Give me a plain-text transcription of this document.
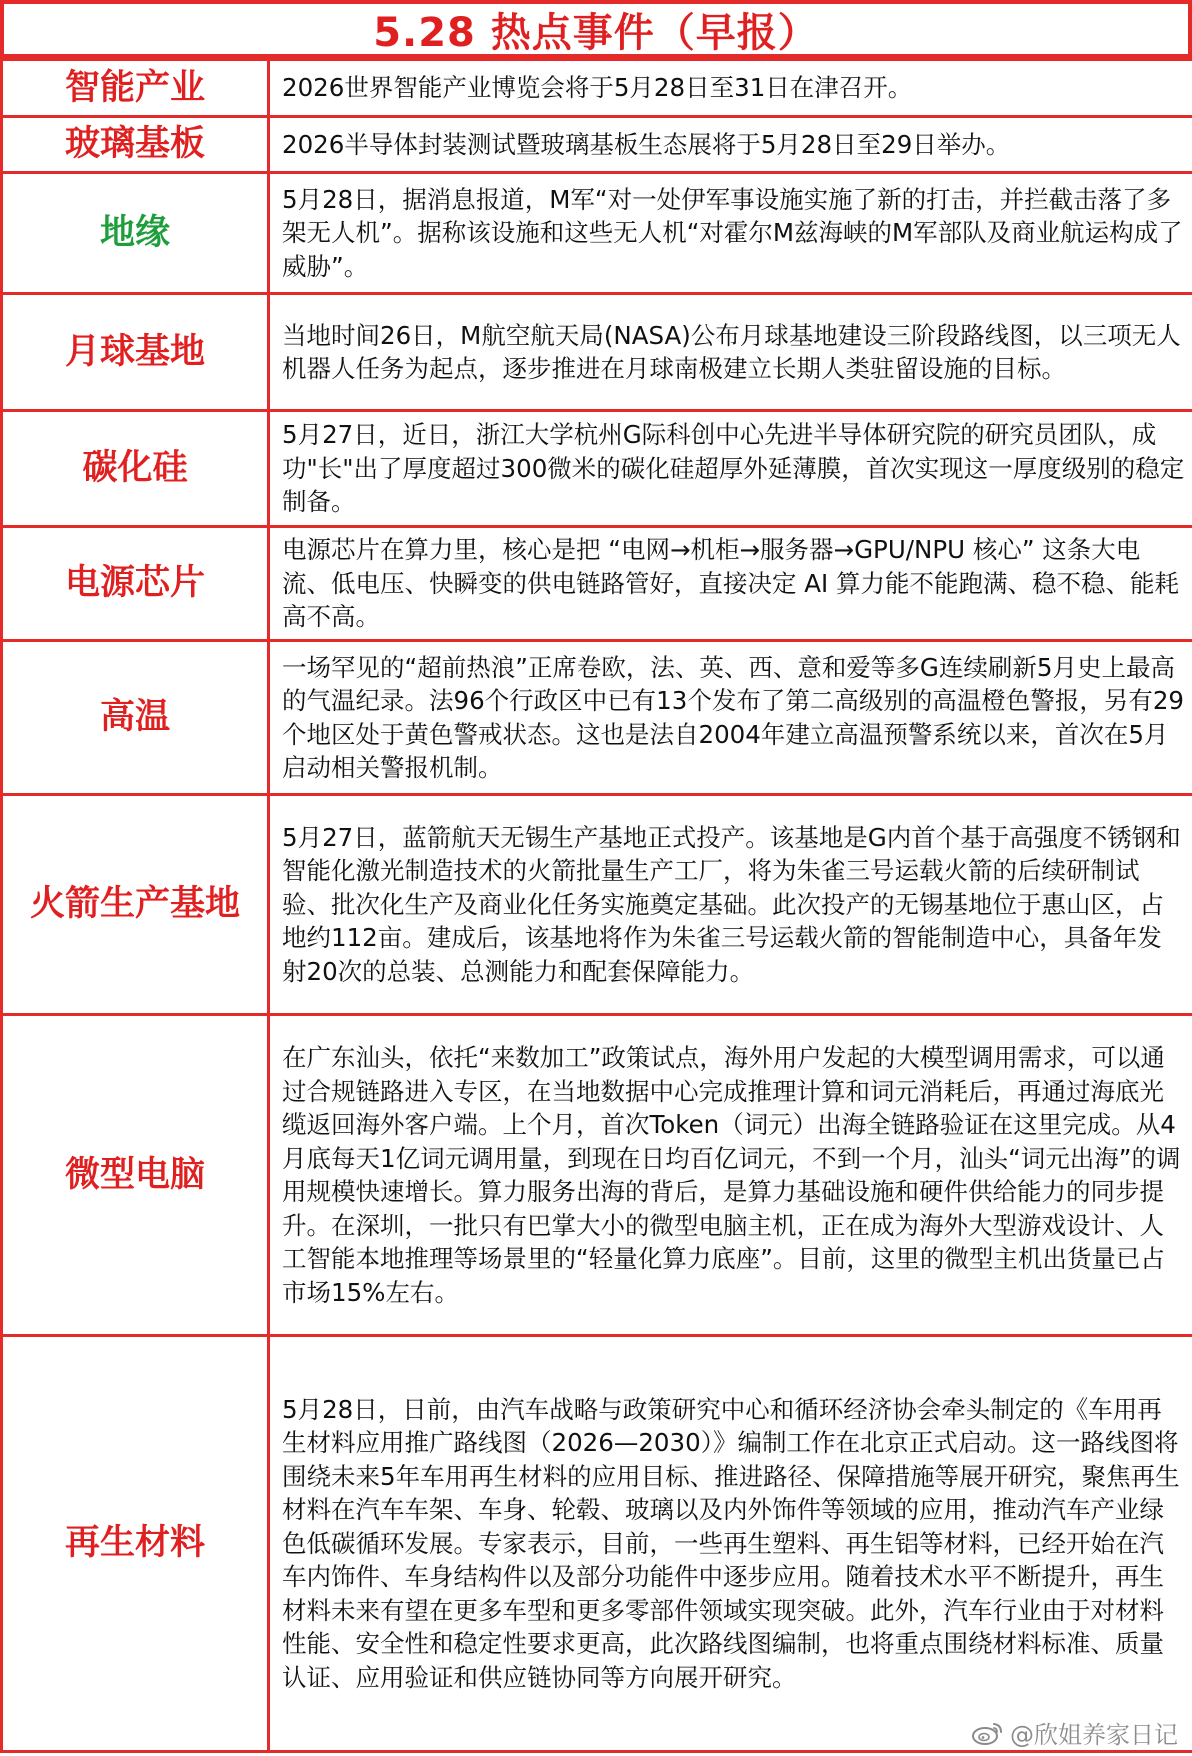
5.28 热点事件（早报）
智能产业	2026世界智能产业博览会将于5月28日至31日在津召开。

玻璃基板	2026半导体封装测试暨玻璃基板生态展将于5月28日至29日举办。

地缘	5月28日，据消息报道，M军“对一处伊军事设施实施了新的打击，并拦截击落了多架无人机”。据称该设施和这些无人机“对霍尔M兹海峡的M军部队及商业航运构成了威胁”。

月球基地	当地时间26日，M航空航天局(NASA)公布月球基地建设三阶段路线图，以三项无人机器人任务为起点，逐步推进在月球南极建立长期人类驻留设施的目标。

碳化硅	5月27日，近日，浙江大学杭州G际科创中心先进半导体研究院的研究员团队，成功"长"出了厚度超过300微米的碳化硅超厚外延薄膜，首次实现这一厚度级别的稳定制备。

电源芯片	电源芯片在算力里，核心是把 “电网→机柜→服务器→GPU/NPU 核心” 这条大电流、低电压、快瞬变的供电链路管好，直接决定 AI 算力能不能跑满、稳不稳、能耗高不高。

高温	一场罕见的“超前热浪”正席卷欧，法、英、西、意和爱等多G连续刷新5月史上最高的气温纪录。法96个行政区中已有13个发布了第二高级别的高温橙色警报，另有29个地区处于黄色警戒状态。这也是法自2004年建立高温预警系统以来，首次在5月启动相关警报机制。

火箭生产基地	5月27日，蓝箭航天无锡生产基地正式投产。该基地是G内首个基于高强度不锈钢和智能化激光制造技术的火箭批量生产工厂，将为朱雀三号运载火箭的后续研制试验、批次化生产及商业化任务实施奠定基础。此次投产的无锡基地位于惠山区，占地约112亩。建成后，该基地将作为朱雀三号运载火箭的智能制造中心，具备年发射20次的总装、总测能力和配套保障能力。

微型电脑	在广东汕头，依托“来数加工”政策试点，海外用户发起的大模型调用需求，可以通过合规链路进入专区，在当地数据中心完成推理计算和词元消耗后，再通过海底光缆返回海外客户端。上个月，首次Token（词元）出海全链路验证在这里完成。从4月底每天1亿词元调用量，到现在日均百亿词元，不到一个月，汕头“词元出海”的调用规模快速增长。算力服务出海的背后，是算力基础设施和硬件供给能力的同步提升。在深圳，一批只有巴掌大小的微型电脑主机，正在成为海外大型游戏设计、人工智能本地推理等场景里的“轻量化算力底座”。目前，这里的微型主机出货量已占市场15%左右。

再生材料	5月28日，日前，由汽车战略与政策研究中心和循环经济协会牵头制定的《车用再生材料应用推广路线图（2026—2030）》编制工作在北京正式启动。这一路线图将围绕未来5年车用再生材料的应用目标、推进路径、保障措施等展开研究，聚焦再生材料在汽车车架、车身、轮毂、玻璃以及内外饰件等领域的应用，推动汽车产业绿色低碳循环发展。专家表示，目前，一些再生塑料、再生铝等材料，已经开始在汽车内饰件、车身结构件以及部分功能件中逐步应用。随着技术水平不断提升，再生材料未来有望在更多车型和更多零部件领域实现突破。此外，汽车行业由于对材料性能、安全性和稳定性要求更高，此次路线图编制，也将重点围绕材料标准、质量认证、应用验证和供应链协同等方向展开研究。
@欣姐养家日记
